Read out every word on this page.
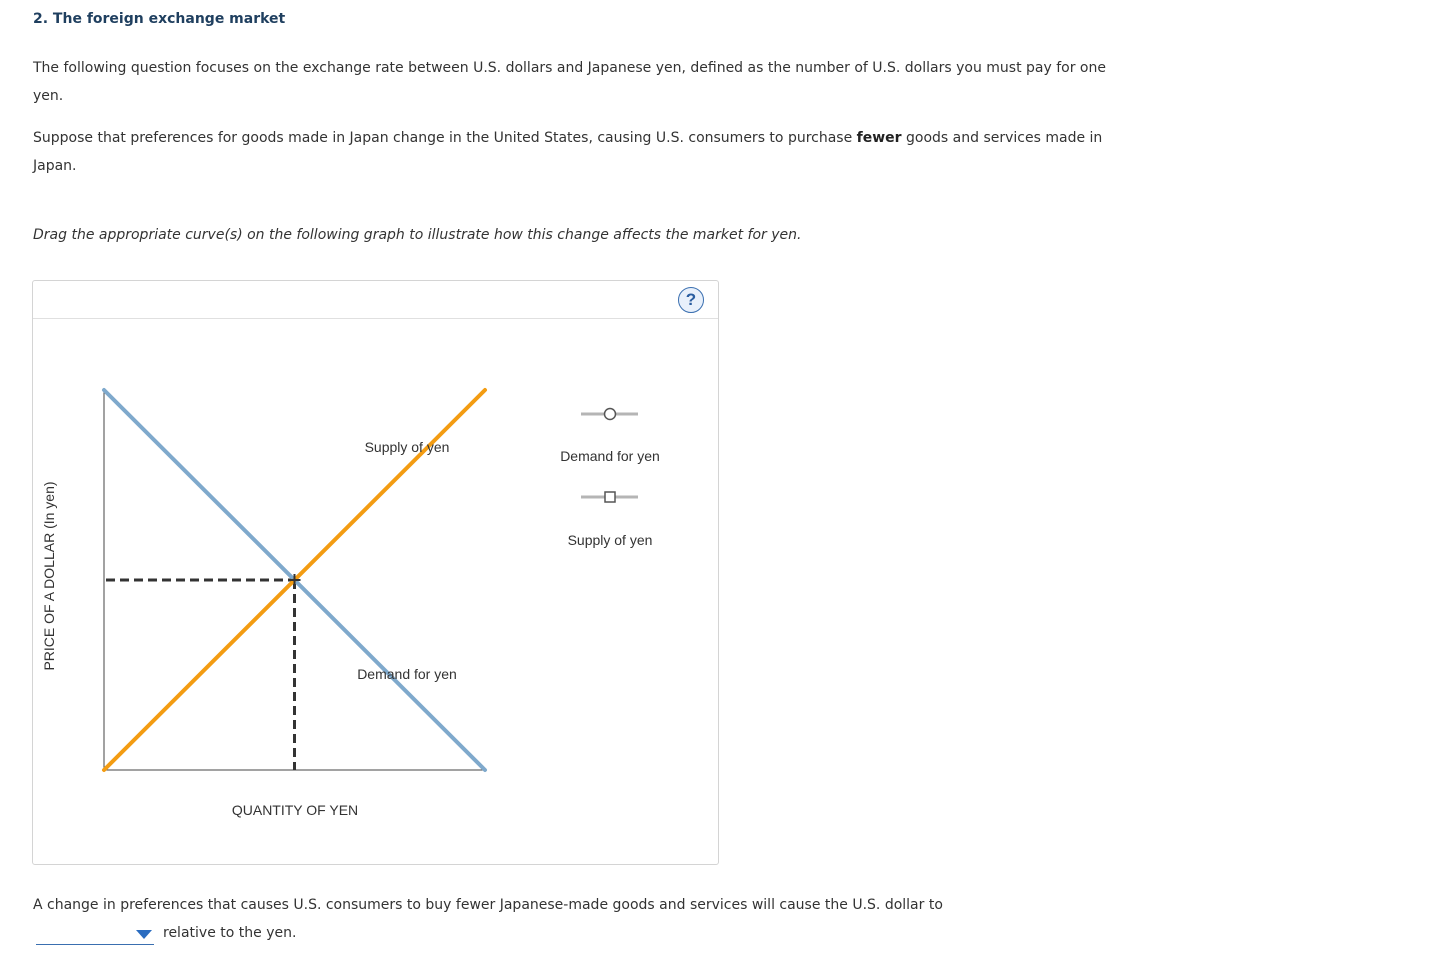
2. The foreign exchange market
The following question focuses on the exchange rate between U.S. dollars and Japanese yen, defined as the number of U.S. dollars you must pay for one yen.
Suppose that preferences for goods made in Japan change in the United States, causing U.S. consumers to purchase fewer goods and services made in Japan.
Drag the appropriate curve(s) on the following graph to illustrate how this change affects the market for yen.
?
Supply of yen
Demand for yen
QUANTITY OF YEN
PRICE OF A DOLLAR (In yen)
Demand for yen
Supply of yen
A change in preferences that causes U.S. consumers to buy fewer Japanese-made goods and services will cause the U.S. dollar to
relative to the yen.
